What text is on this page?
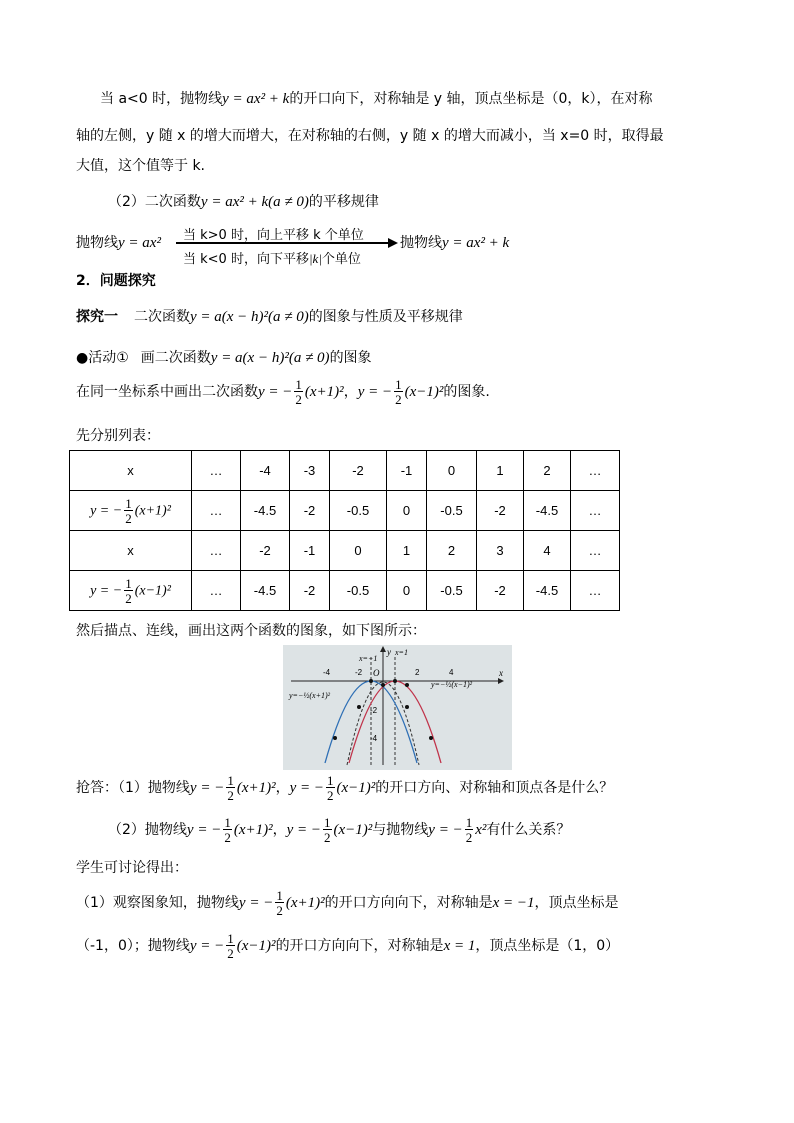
当 a<0 时，抛物线y = ax² + k的开口向下，对称轴是 y 轴，顶点坐标是（0，k），在对称
轴的左侧，y 随 x 的增大而增大，在对称轴的右侧，y 随 x 的增大而减小，当 x=0 时，取得最
大值，这个值等于 k.
（2）二次函数y = ax² + k(a ≠ 0)的平移规律
抛物线y = ax² 当 k>0 时，向上平移 k 个单位
当 k<0 时，向下平移|k|个单位
抛物线y = ax² + k
2．问题探究
探究一 二次函数y = a(x − h)²(a ≠ 0)的图象与性质及平移规律
●活动① 画二次函数y = a(x − h)²(a ≠ 0)的图象
在同一坐标系中画出二次函数y = − $\frac{1}{2} (x+1)^2$，y = − $\frac{1}{2} (x-1)^2$的图象.
先分别列表：
x	…	-4	-3	-2	-1	0	1	2	…
y = − $\frac{1}{2} (x+1)^2$	…	-4.5	-2	-0.5	0	-0.5	-2	-4.5	…
x	…	-2	-1	0	1	2	3	4	…
y = − $\frac{1}{2} (x-1)^2$	…	-4.5	-2	-0.5	0	-0.5	-2	-4.5	…
然后描点、连线，画出这两个函数的图象，如下图所示：
x
y
O
-4	-2	2	4
-2
-4
x=−1
x=1
y=−½(x+1)²
y=−½(x−1)²
抢答：（1）抛物线y = − $\frac{1}{2} (x+1)^2$，y = − $\frac{1}{2} (x-1)^2$的开口方向、对称轴和顶点各是什么？
（2）抛物线y = − $\frac{1}{2} (x+1)^2$，y = − $\frac{1}{2} (x-1)^2$与抛物线y = − $\frac{1}{2} x^2$有什么关系？
学生可讨论得出：
（1）观察图象知，抛物线y = − $\frac{1}{2} (x+1)^2$的开口方向向下，对称轴是x = −1，顶点坐标是
（-1，0）；抛物线y = − $\frac{1}{2} (x-1)^2$的开口方向向下，对称轴是x = 1，顶点坐标是（1，0）
